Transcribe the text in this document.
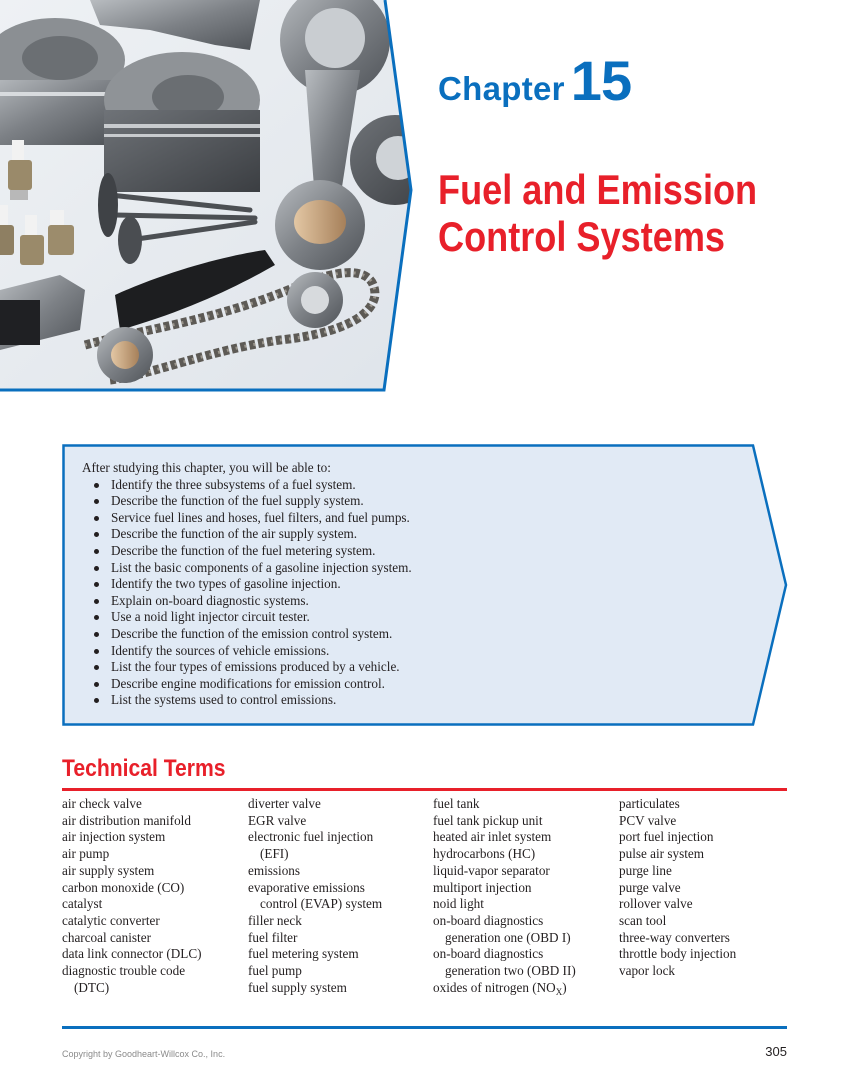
Chapter 15
Fuel and Emission
Control Systems
After studying this chapter, you will be able to:
Identify the three subsystems of a fuel system.
Describe the function of the fuel supply system.
Service fuel lines and hoses, fuel filters, and fuel pumps.
Describe the function of the air supply system.
Describe the function of the fuel metering system.
List the basic components of a gasoline injection system.
Identify the two types of gasoline injection.
Explain on-board diagnostic systems.
Use a noid light injector circuit tester.
Describe the function of the emission control system.
Identify the sources of vehicle emissions.
List the four types of emissions produced by a vehicle.
Describe engine modifications for emission control.
List the systems used to control emissions.
Technical Terms
air check valve
air distribution manifold
air injection system
air pump
air supply system
carbon monoxide (CO)
catalyst
catalytic converter
charcoal canister
data link connector (DLC)
diagnostic trouble code
(DTC)
diverter valve
EGR valve
electronic fuel injection
(EFI)
emissions
evaporative emissions
control (EVAP) system
filler neck
fuel filter
fuel metering system
fuel pump
fuel supply system
fuel tank
fuel tank pickup unit
heated air inlet system
hydrocarbons (HC)
liquid-vapor separator
multiport injection
noid light
on-board diagnostics
generation one (OBD I)
on-board diagnostics
generation two (OBD II)
oxides of nitrogen $(NO_X)$
particulates
PCV valve
port fuel injection
pulse air system
purge line
purge valve
rollover valve
scan tool
three-way converters
throttle body injection
vapor lock
Copyright by Goodheart-Willcox Co., Inc.	305
